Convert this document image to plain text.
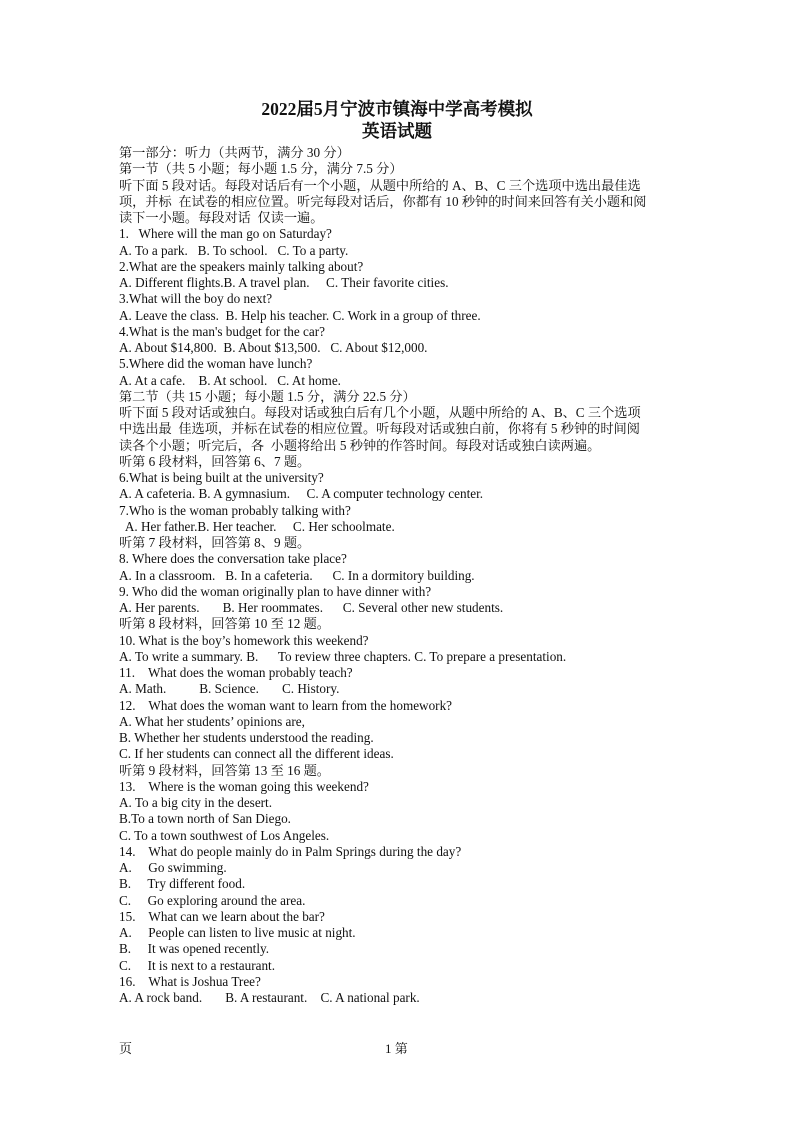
2022届5月宁波市镇海中学高考模拟
英语试题
第一部分：听力（共两节，满分 30 分）
第一节（共 5 小题；每小题 1.5 分，满分 7.5 分）
听下面 5 段对话。每段对话后有一个小题，从题中所给的 A、B、C 三个选项中选出最佳选
项，并标  在试卷的相应位置。听完每段对话后，你都有 10 秒钟的时间来回答有关小题和阅
读下一小题。每段对话  仅读一遍。
1.   Where will the man go on Saturday?
A. To a park.   B. To school.   C. To a party.
2.What are the speakers mainly talking about?
A. Different flights.B. A travel plan.     C. Their favorite cities.
3.What will the boy do next?
A. Leave the class.  B. Help his teacher. C. Work in a group of three.
4.What is the man's budget for the car?
A. About $14,800.  B. About $13,500.   C. About $12,000.
5.Where did the woman have lunch?
A. At a cafe.    B. At school.   C. At home.
第二节（共 15 小题；每小题 1.5 分，满分 22.5 分）
听下面 5 段对话或独白。每段对话或独白后有几个小题，从题中所给的 A、B、C 三个选项
中选出最  佳选项，并标在试卷的相应位置。听每段对话或独白前，你将有 5 秒钟的时间阅
读各个小题；听完后，各  小题将给出 5 秒钟的作答时间。每段对话或独白读两遍。
听第 6 段材料，回答第 6、7 题。
6.What is being built at the university?
A. A cafeteria. B. A gymnasium.     C. A computer technology center.
7.Who is the woman probably talking with?
A. Her father.B. Her teacher.     C. Her schoolmate.
听第 7 段材料，回答第 8、9 题。
8. Where does the conversation take place?
A. In a classroom.   B. In a cafeteria.      C. In a dormitory building.
9. Who did the woman originally plan to have dinner with?
A. Her parents.       B. Her roommates.      C. Several other new students.
听第 8 段材料，回答第 10 至 12 题。
10. What is the boy’s homework this weekend?
A. To write a summary. B.      To review three chapters. C. To prepare a presentation.
11.    What does the woman probably teach?
A. Math.          B. Science.       C. History.
12.    What does the woman want to learn from the homework?
A. What her students’ opinions are,
B. Whether her students understood the reading.
C. If her students can connect all the different ideas.
听第 9 段材料，回答第 13 至 16 题。
13.    Where is the woman going this weekend?
A. To a big city in the desert.
B.To a town north of San Diego.
C. To a town southwest of Los Angeles.
14.    What do people mainly do in Palm Springs during the day?
A.     Go swimming.
B.     Try different food.
C.     Go exploring around the area.
15.    What can we learn about the bar?
A.     People can listen to live music at night.
B.     It was opened recently.
C.     It is next to a restaurant.
16.    What is Joshua Tree?
A. A rock band.       B. A restaurant.    C. A national park.
页	1 第
